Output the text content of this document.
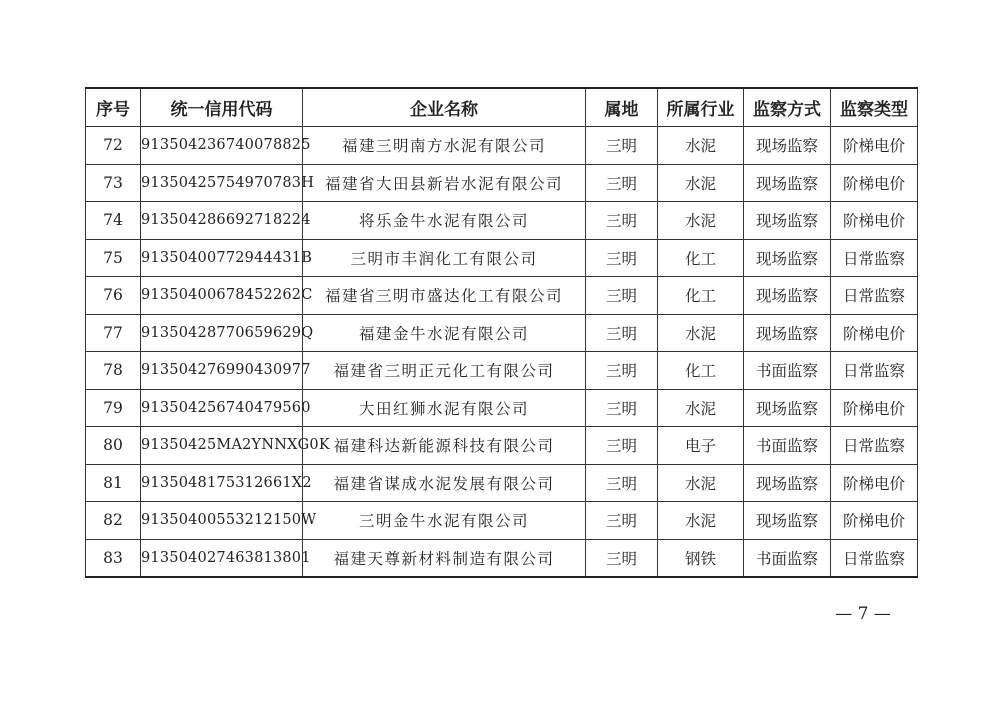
序号	统一信用代码	企业名称	属地	所属行业	监察方式	监察类型
72	913504236740078825	福建三明南方水泥有限公司	三明	水泥	现场监察	阶梯电价
73	91350425754970783H	福建省大田县新岩水泥有限公司	三明	水泥	现场监察	阶梯电价
74	913504286692718224	将乐金牛水泥有限公司	三明	水泥	现场监察	阶梯电价
75	91350400772944431B	三明市丰润化工有限公司	三明	化工	现场监察	日常监察
76	91350400678452262C	福建省三明市盛达化工有限公司	三明	化工	现场监察	日常监察
77	91350428770659629Q	福建金牛水泥有限公司	三明	水泥	现场监察	阶梯电价
78	913504276990430977	福建省三明正元化工有限公司	三明	化工	书面监察	日常监察
79	913504256740479560	大田红狮水泥有限公司	三明	水泥	现场监察	阶梯电价
80	91350425MA2YNNXG0K	福建科达新能源科技有限公司	三明	电子	书面监察	日常监察
81	9135048175312661X2	福建省谋成水泥发展有限公司	三明	水泥	现场监察	阶梯电价
82	91350400553212150W	三明金牛水泥有限公司	三明	水泥	现场监察	阶梯电价
83	913504027463813801	福建天尊新材料制造有限公司	三明	钢铁	书面监察	日常监察
— 7 —
